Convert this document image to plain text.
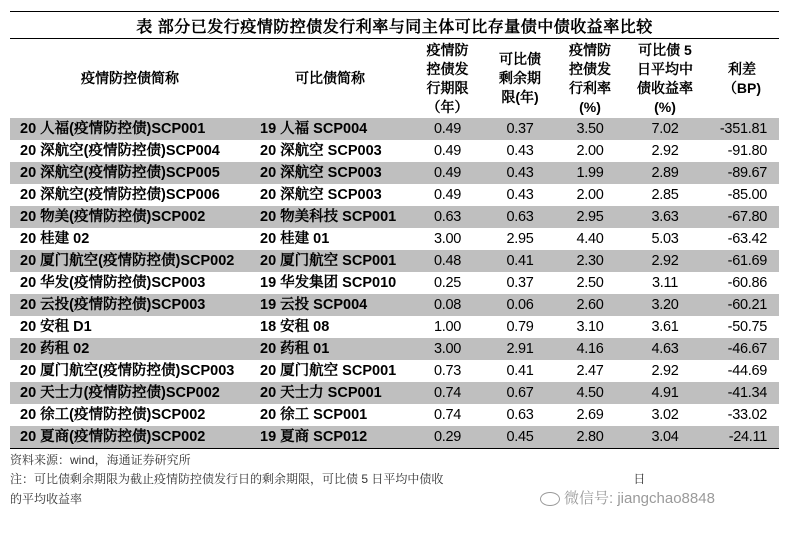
表 部分已发行疫情防控债发行利率与同主体可比存量债中债收益率比较
疫情防控债简称	可比债简称	疫情防控债发行期限（年）	可比债剩余期限(年)	疫情防控债发行利率(%)	可比债 5 日平均中债收益率(%)	利差（BP)
20 人福(疫情防控债)SCP001	19 人福 SCP004	0.49	0.37	3.50	7.02	-351.81
20 深航空(疫情防控债)SCP004	20 深航空 SCP003	0.49	0.43	2.00	2.92	-91.80
20 深航空(疫情防控债)SCP005	20 深航空 SCP003	0.49	0.43	1.99	2.89	-89.67
20 深航空(疫情防控债)SCP006	20 深航空 SCP003	0.49	0.43	2.00	2.85	-85.00
20 物美(疫情防控债)SCP002	20 物美科技 SCP001	0.63	0.63	2.95	3.63	-67.80
20 桂建 02	20 桂建 01	3.00	2.95	4.40	5.03	-63.42
20 厦门航空(疫情防控债)SCP002	20 厦门航空 SCP001	0.48	0.41	2.30	2.92	-61.69
20 华发(疫情防控债)SCP003	19 华发集团 SCP010	0.25	0.37	2.50	3.11	-60.86
20 云投(疫情防控债)SCP003	19 云投 SCP004	0.08	0.06	2.60	3.20	-60.21
20 安租 D1	18 安租 08	1.00	0.79	3.10	3.61	-50.75
20 药租 02	20 药租 01	3.00	2.91	4.16	4.63	-46.67
20 厦门航空(疫情防控债)SCP003	20 厦门航空 SCP001	0.73	0.41	2.47	2.92	-44.69
20 天士力(疫情防控债)SCP002	20 天士力 SCP001	0.74	0.67	4.50	4.91	-41.34
20 徐工(疫情防控债)SCP002	20 徐工 SCP001	0.74	0.63	2.69	3.02	-33.02
20 夏商(疫情防控债)SCP002	19 夏商 SCP012	0.29	0.45	2.80	3.04	-24.11
资料来源：wind，海通证券研究所
注：可比债剩余期限为截止疫情防控债发行日的剩余期限，可比债 5 日平均中债收	日
的平均收益率	微信号: jiangchao8848
